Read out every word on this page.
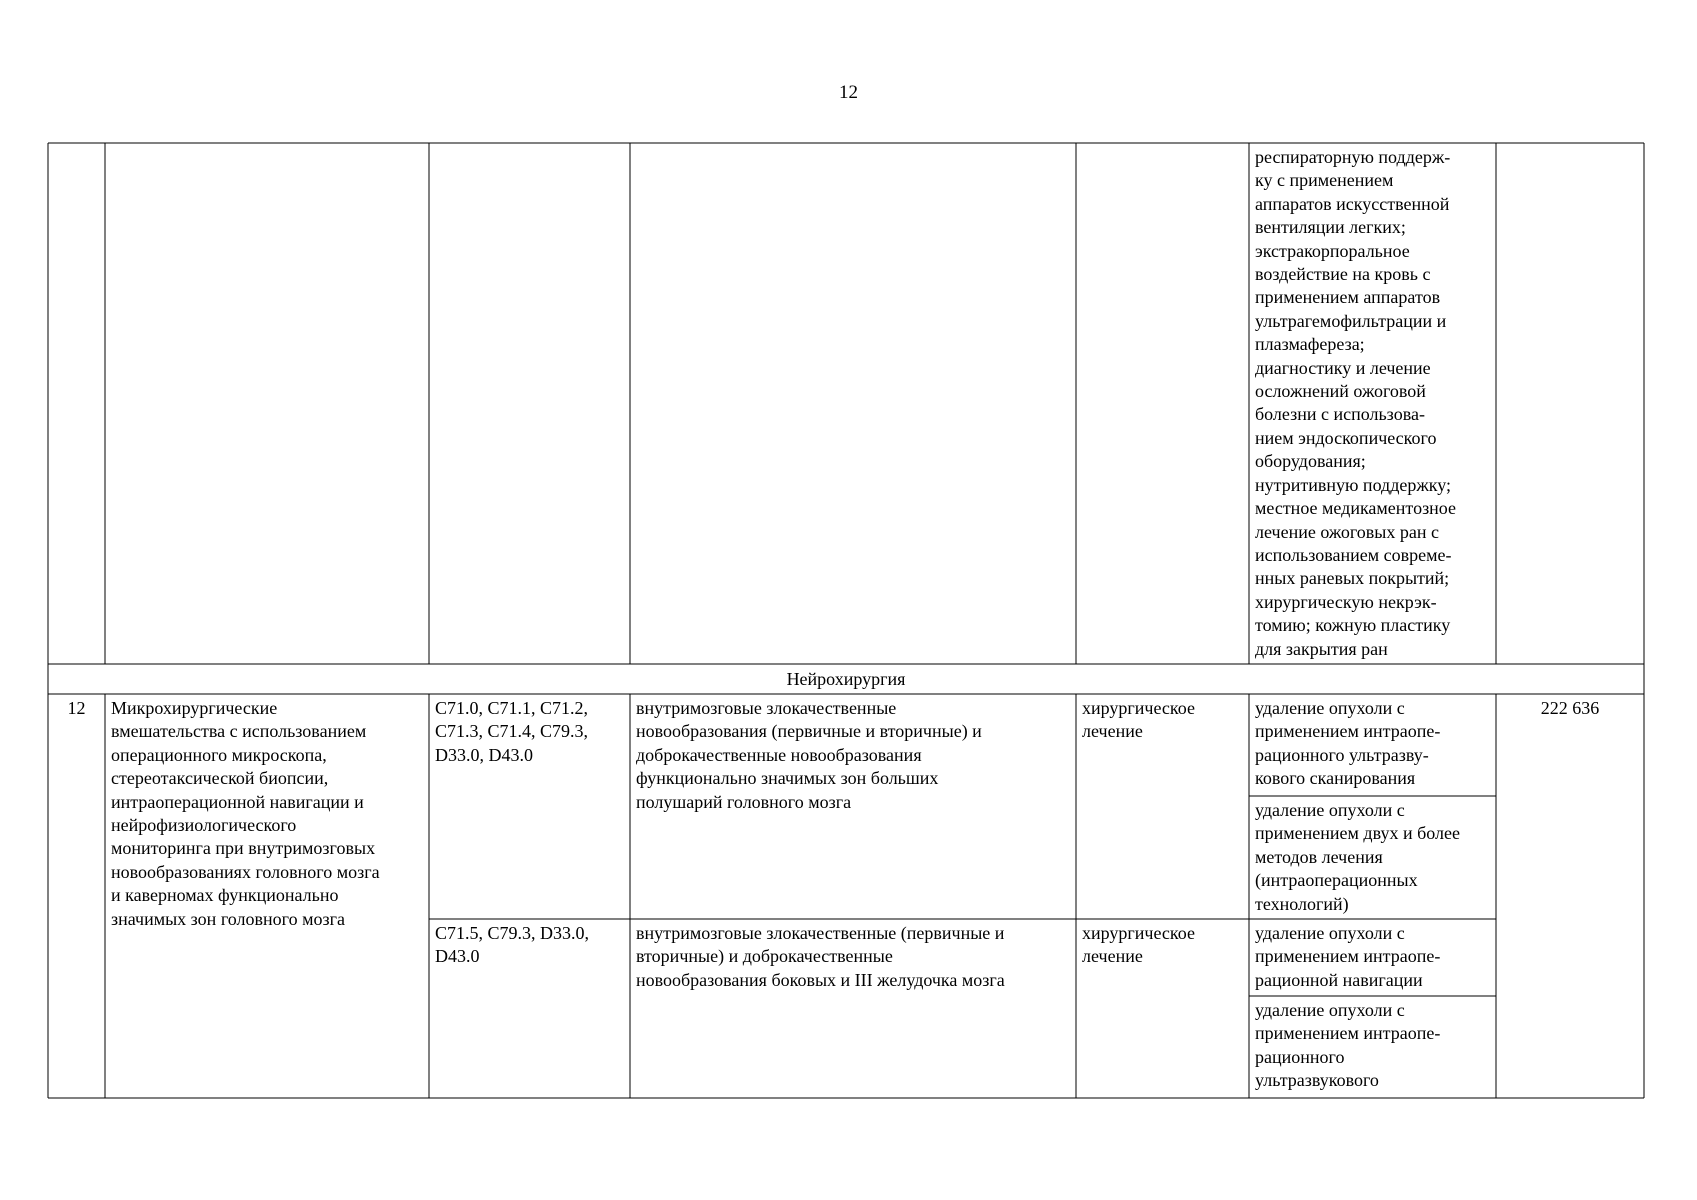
12
респираторную поддерж-
ку с применением
аппаратов искусственной
вентиляции легких;
экстракорпоральное
воздействие на кровь с
применением аппаратов
ультрагемофильтрации и
плазмафереза;
диагностику и лечение
осложнений ожоговой
болезни с использова-
нием эндоскопического
оборудования;
нутритивную поддержку;
местное медикаментозное
лечение ожоговых ран с
использованием совреме-
нных раневых покрытий;
хирургическую некрэк-
томию; кожную пластику
для закрытия ран
Нейрохирургия
12	Микрохирургические
вмешательства с использованием
операционного микроскопа,
стереотаксической биопсии,
интраоперационной навигации и
нейрофизиологического
мониторинга при внутримозговых
новообразованиях головного мозга
и каверномах функционально
значимых зон головного мозга
C71.0, C71.1, C71.2,
C71.3, C71.4, C79.3,
D33.0, D43.0
внутримозговые злокачественные
новообразования (первичные и вторичные) и
доброкачественные новообразования
функционально значимых зон больших
полушарий головного мозга
хирургическое
лечение
удаление опухоли с
применением интраопе-
рационного ультразву-
кового сканирования
удаление опухоли с
применением двух и более
методов лечения
(интраоперационных
технологий)
222 636
C71.5, C79.3, D33.0,
D43.0
внутримозговые злокачественные (первичные и
вторичные) и доброкачественные
новообразования боковых и III желудочка мозга
хирургическое
лечение
удаление опухоли с
применением интраопе-
рационной навигации
удаление опухоли с
применением интраопе-
рационного
ультразвукового
